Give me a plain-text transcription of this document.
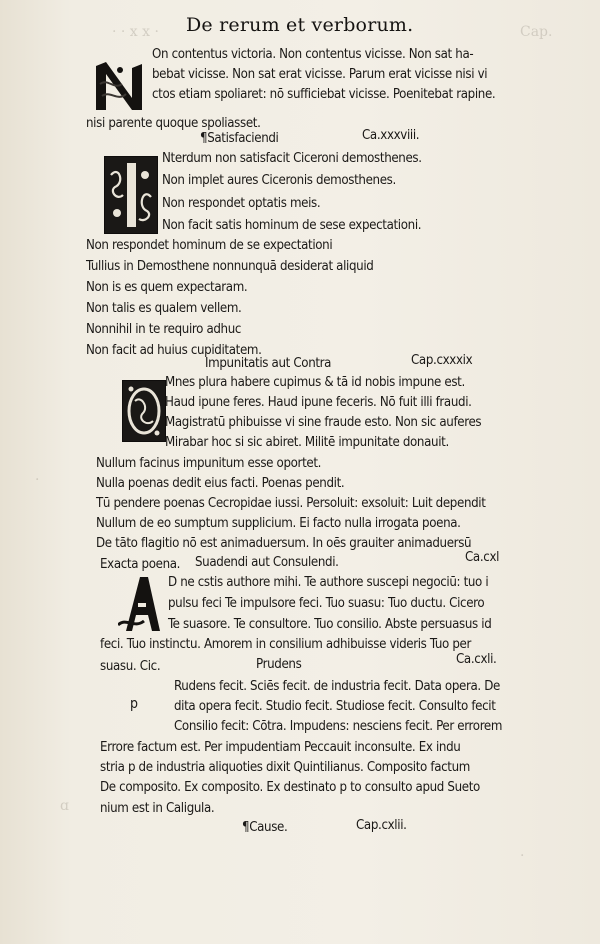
· · x x ·	Cap.
·
ɑ
·
De rerum et verborum.
p
On contentus victoria. Non contentus vicisse. Non sat ha-
bebat vicisse. Non sat erat vicisse. Parum erat vicisse nisi vi
ctos etiam spoliaret: nō sufficiebat vicisse. Poenitebat rapine.
nisi parente quoque spoliasset.
¶Satisfaciendi	Ca.xxxviii.
Nterdum non satisfacit Ciceroni demosthenes.
Non implet aures Ciceronis demosthenes.
Non respondet optatis meis.
Non facit satis hominum de sese expectationi.
Non respondet hominum de se expectationi
Tullius in Demosthene nonnunquā desiderat aliquid
Non is es quem expectaram.
Non talis es qualem vellem.
Nonnihil in te requiro adhuc
Non facit ad huius cupiditatem.
Impunitatis aut Contra	Cap.cxxxix
Mnes plura habere cupimus & tā id nobis impune est.
Haud ipune feres. Haud ipune feceris. Nō fuit illi fraudi.
Magistratū phibuisse vi sine fraude esto. Non sic auferes
Mirabar hoc si sic abiret. Militē impunitate donauit.
Nullum facinus impunitum esse oportet.
Nulla poenas dedit eius facti. Poenas pendit.
Tū pendere poenas Cecropidae iussi. Persoluit: exsoluit: Luit dependit
Nullum de eo sumptum supplicium. Ei facto nulla irrogata poena.
De tāto flagitio nō est animaduersum. In oēs grauiter animaduersū
Exacta poena. Suadendi aut Consulendi.	Ca.cxl
D ne cstis authore mihi. Te authore suscepi negociū: tuo i
pulsu feci Te impulsore feci. Tuo suasu: Tuo ductu. Cicero
Te suasore. Te consultore. Tuo consilio. Abste persuasus id
feci. Tuo instinctu. Amorem in consilium adhibuisse videris Tuo per
suasu. Cic.	Prudens	Ca.cxli.
Rudens fecit. Sciēs fecit. de industria fecit. Data opera. De
dita opera fecit. Studio fecit. Studiose fecit. Consulto fecit
Consilio fecit: Cōtra. Impudens: nesciens fecit. Per errorem
Errore factum est. Per impudentiam Peccauit inconsulte. Ex indu
stria p de industria aliquoties dixit Quintilianus. Composito factum
De composito. Ex composito. Ex destinato p to consulto apud Sueto
nium est in Caligula.
¶Cause.	Cap.cxlii.
